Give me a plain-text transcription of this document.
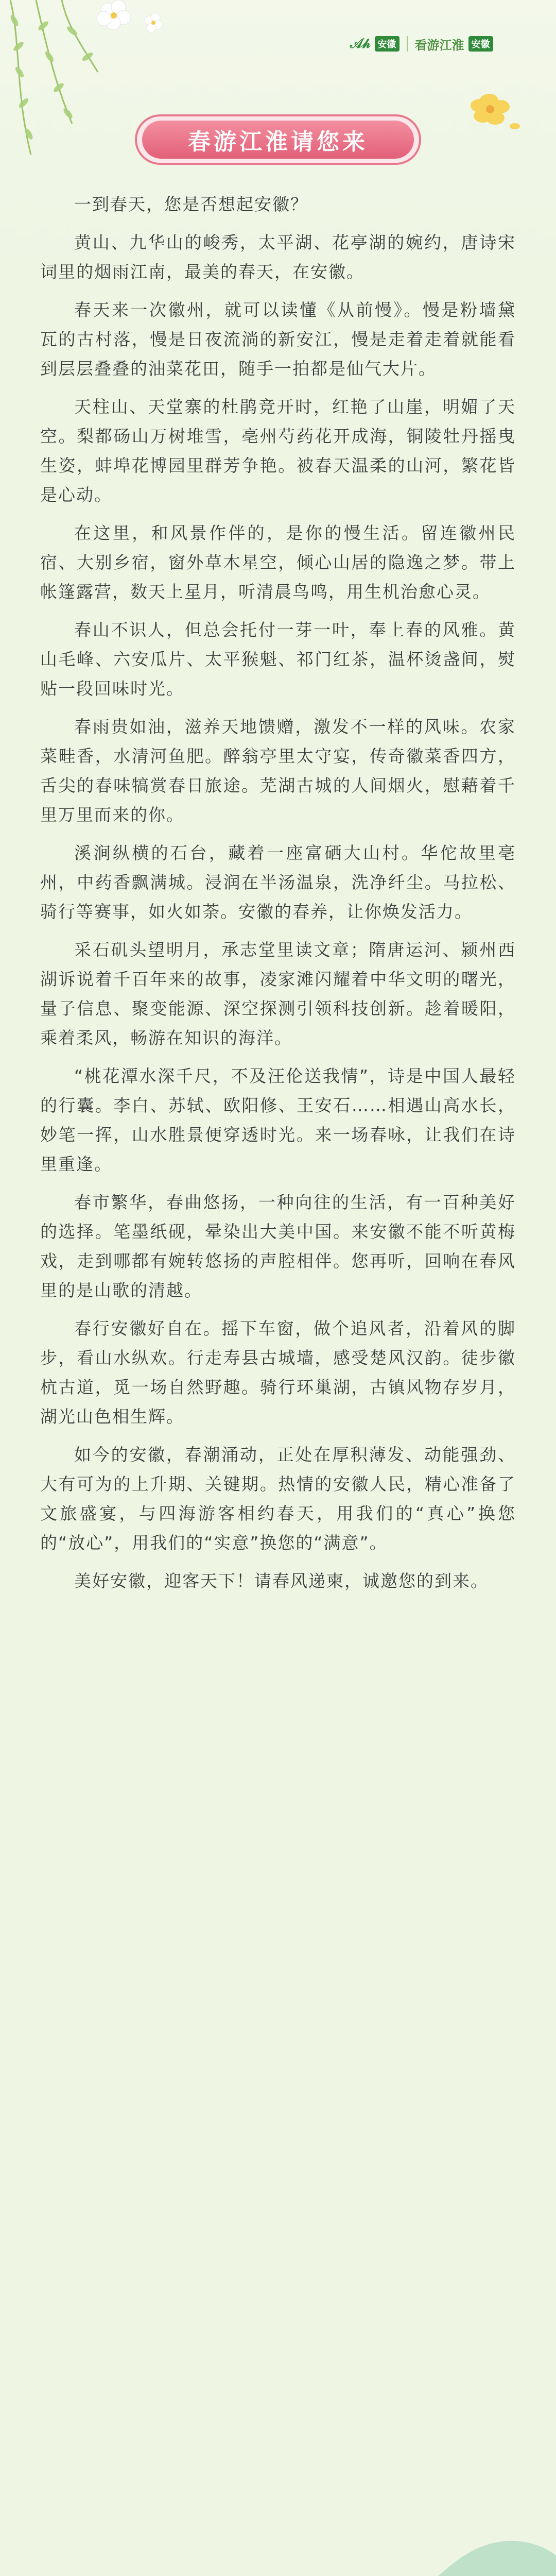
𝒜𝒽 安徽 看游江淮 安徽
春游江淮请您来

一到春天，您是否想起安徽？

黄山、九华山的峻秀，太平湖、花亭湖的婉约，唐诗宋词里的烟雨江南，最美的春天，在安徽。

春天来一次徽州，就可以读懂《从前慢》。慢是粉墙黛瓦的古村落，慢是日夜流淌的新安江，慢是走着走着就能看到层层叠叠的油菜花田，随手一拍都是仙气大片。

天柱山、天堂寨的杜鹃竞开时，红艳了山崖，明媚了天空。梨都砀山万树堆雪，亳州芍药花开成海，铜陵牡丹摇曳生姿，蚌埠花博园里群芳争艳。被春天温柔的山河，繁花皆是心动。

在这里，和风景作伴的，是你的慢生活。留连徽州民宿、大别乡宿，窗外草木星空，倾心山居的隐逸之梦。带上帐篷露营，数天上星月，听清晨鸟鸣，用生机治愈心灵。

春山不识人，但总会托付一芽一叶，奉上春的风雅。黄山毛峰、六安瓜片、太平猴魁、祁门红茶，温杯烫盏间，熨贴一段回味时光。

春雨贵如油，滋养天地馈赠，激发不一样的风味。农家菜畦香，水清河鱼肥。醉翁亭里太守宴，传奇徽菜香四方，舌尖的春味犒赏春日旅途。芜湖古城的人间烟火，慰藉着千里万里而来的你。

溪涧纵横的石台，藏着一座富硒大山村。华佗故里亳州，中药香飘满城。浸润在半汤温泉，洗净纤尘。马拉松、骑行等赛事，如火如荼。安徽的春养，让你焕发活力。

采石矶头望明月，承志堂里读文章；隋唐运河、颍州西湖诉说着千百年来的故事，凌家滩闪耀着中华文明的曙光，量子信息、聚变能源、深空探测引领科技创新。趁着暖阳，乘着柔风，畅游在知识的海洋。

“桃花潭水深千尺，不及汪伦送我情”，诗是中国人最轻的行囊。李白、苏轼、欧阳修、王安石……相遇山高水长，妙笔一挥，山水胜景便穿透时光。来一场春咏，让我们在诗里重逢。

春市繁华，春曲悠扬，一种向往的生活，有一百种美好的选择。笔墨纸砚，晕染出大美中国。来安徽不能不听黄梅戏，走到哪都有婉转悠扬的声腔相伴。您再听，回响在春风里的是山歌的清越。

春行安徽好自在。摇下车窗，做个追风者，沿着风的脚步，看山水纵欢。行走寿县古城墙，感受楚风汉韵。徒步徽杭古道，觅一场自然野趣。骑行环巢湖，古镇风物存岁月，湖光山色相生辉。

如今的安徽，春潮涌动，正处在厚积薄发、动能强劲、大有可为的上升期、关键期。热情的安徽人民，精心准备了文旅盛宴，与四海游客相约春天，用我们的“真心”换您的“放心”，用我们的“实意”换您的“满意”。

美好安徽，迎客天下！请春风递柬，诚邀您的到来。
